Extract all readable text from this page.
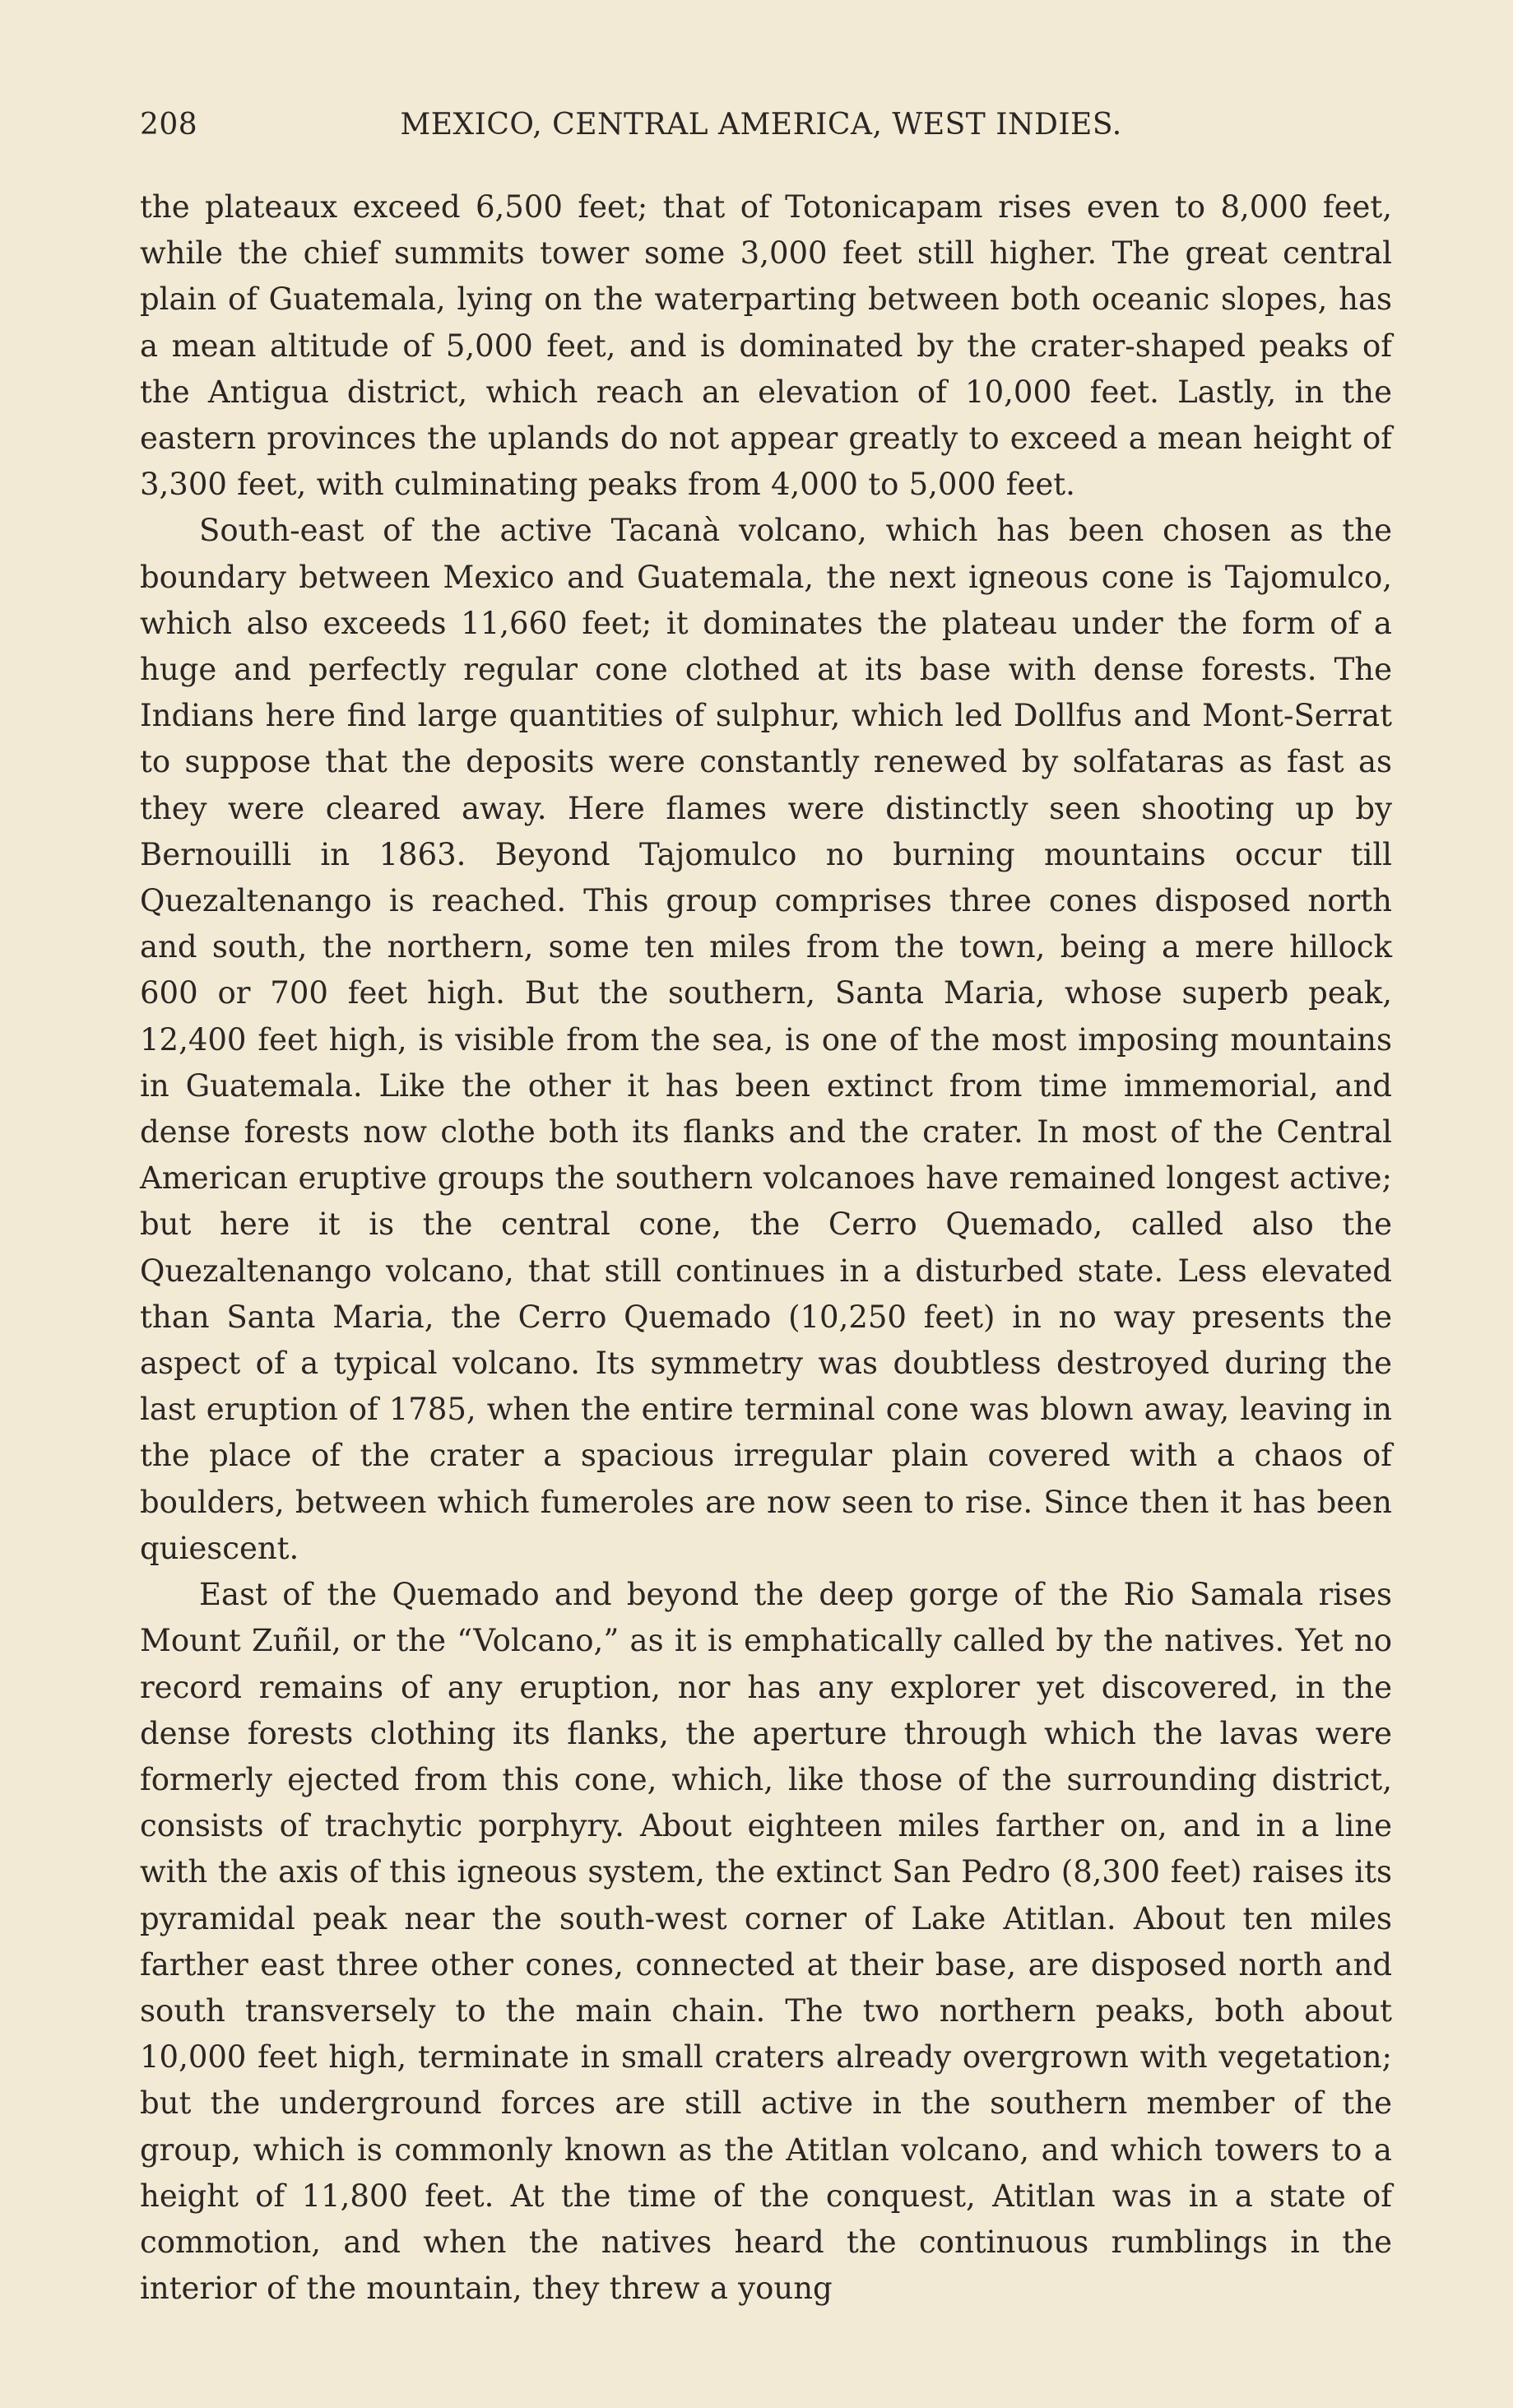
208	MEXICO, CENTRAL AMERICA, WEST INDIES.

the plateaux exceed 6,500 feet; that of Totonicapam rises even to 8,000 feet, while the chief summits tower some 3,000 feet still higher. The great central plain of Guatemala, lying on the waterparting between both oceanic slopes, has a mean altitude of 5,000 feet, and is dominated by the crater-shaped peaks of the Antigua district, which reach an elevation of 10,000 feet. Lastly, in the eastern provinces the uplands do not appear greatly to exceed a mean height of 3,300 feet, with culminating peaks from 4,000 to 5,000 feet.

South-east of the active Tacanà volcano, which has been chosen as the boundary between Mexico and Guatemala, the next igneous cone is Tajomulco, which also exceeds 11,660 feet; it dominates the plateau under the form of a huge and perfectly regular cone clothed at its base with dense forests. The Indians here find large quantities of sulphur, which led Dollfus and Mont-Serrat to suppose that the deposits were constantly renewed by solfataras as fast as they were cleared away. Here flames were distinctly seen shooting up by Bernouilli in 1863. Beyond Tajomulco no burning mountains occur till Quezaltenango is reached. This group comprises three cones disposed north and south, the northern, some ten miles from the town, being a mere hillock 600 or 700 feet high. But the southern, Santa Maria, whose superb peak, 12,400 feet high, is visible from the sea, is one of the most imposing mountains in Guatemala. Like the other it has been extinct from time immemorial, and dense forests now clothe both its flanks and the crater. In most of the Central American eruptive groups the southern volcanoes have remained longest active; but here it is the central cone, the Cerro Quemado, called also the Quezaltenango volcano, that still continues in a disturbed state. Less elevated than Santa Maria, the Cerro Quemado (10,250 feet) in no way presents the aspect of a typical volcano. Its symmetry was doubtless destroyed during the last eruption of 1785, when the entire terminal cone was blown away, leaving in the place of the crater a spacious irregular plain covered with a chaos of boulders, between which fumeroles are now seen to rise. Since then it has been quiescent.

East of the Quemado and beyond the deep gorge of the Rio Samala rises Mount Zuñil, or the “Volcano,” as it is emphatically called by the natives. Yet no record remains of any eruption, nor has any explorer yet discovered, in the dense forests clothing its flanks, the aperture through which the lavas were formerly ejected from this cone, which, like those of the surrounding district, consists of trachytic porphyry. About eighteen miles farther on, and in a line with the axis of this igneous system, the extinct San Pedro (8,300 feet) raises its pyramidal peak near the south-west corner of Lake Atitlan. About ten miles farther east three other cones, connected at their base, are disposed north and south transversely to the main chain. The two northern peaks, both about 10,000 feet high, terminate in small craters already overgrown with vegetation; but the underground forces are still active in the southern member of the group, which is commonly known as the Atitlan volcano, and which towers to a height of 11,800 feet. At the time of the conquest, Atitlan was in a state of commotion, and when the natives heard the continuous rumblings in the interior of the mountain, they threw a young
